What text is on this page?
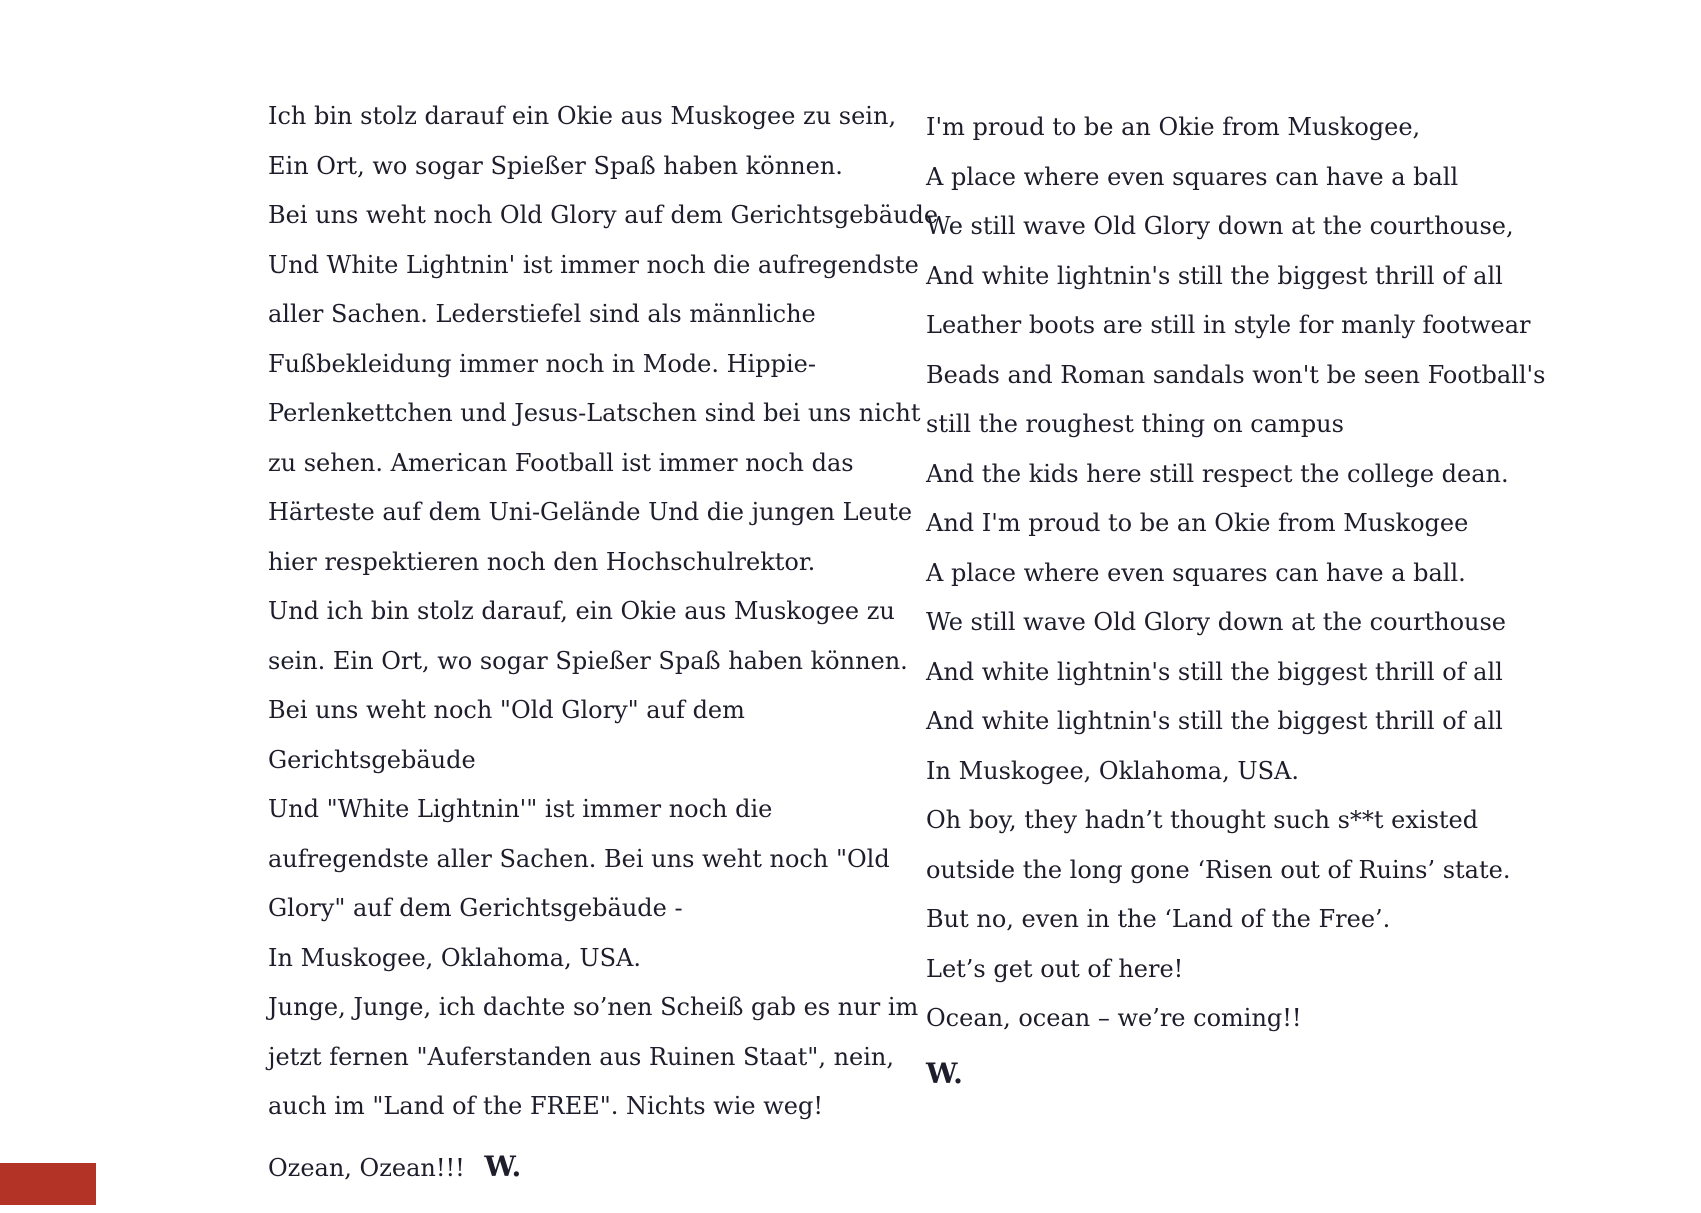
Ich bin stolz darauf ein Okie aus Muskogee zu sein,
Ein Ort, wo sogar Spießer Spaß haben können.
Bei uns weht noch Old Glory auf dem Gerichtsgebäude
Und White Lightnin' ist immer noch die aufregendste
aller Sachen. Lederstiefel sind als männliche
Fußbekleidung immer noch in Mode. Hippie-
Perlenkettchen und Jesus-Latschen sind bei uns nicht
zu sehen. American Football ist immer noch das
Härteste auf dem Uni-Gelände Und die jungen Leute
hier respektieren noch den Hochschulrektor.
Und ich bin stolz darauf, ein Okie aus Muskogee zu
sein. Ein Ort, wo sogar Spießer Spaß haben können.
Bei uns weht noch "Old Glory" auf dem
Gerichtsgebäude
Und "White Lightnin'" ist immer noch die
aufregendste aller Sachen. Bei uns weht noch "Old
Glory" auf dem Gerichtsgebäude -
In Muskogee, Oklahoma, USA.
Junge, Junge, ich dachte so’nen Scheiß gab es nur im
jetzt fernen "Auferstanden aus Ruinen Staat", nein,
auch im "Land of the FREE". Nichts wie weg!
Ozean, Ozean!!! W.
I'm proud to be an Okie from Muskogee,
A place where even squares can have a ball
We still wave Old Glory down at the courthouse,
And white lightnin's still the biggest thrill of all
Leather boots are still in style for manly footwear
Beads and Roman sandals won't be seen Football's
still the roughest thing on campus
And the kids here still respect the college dean.
And I'm proud to be an Okie from Muskogee
A place where even squares can have a ball.
We still wave Old Glory down at the courthouse
And white lightnin's still the biggest thrill of all
And white lightnin's still the biggest thrill of all
In Muskogee, Oklahoma, USA.
Oh boy, they hadn’t thought such s**t existed
outside the long gone ‘Risen out of Ruins’ state.
But no, even in the ‘Land of the Free’.
Let’s get out of here!
Ocean, ocean – we’re coming!!
W.
